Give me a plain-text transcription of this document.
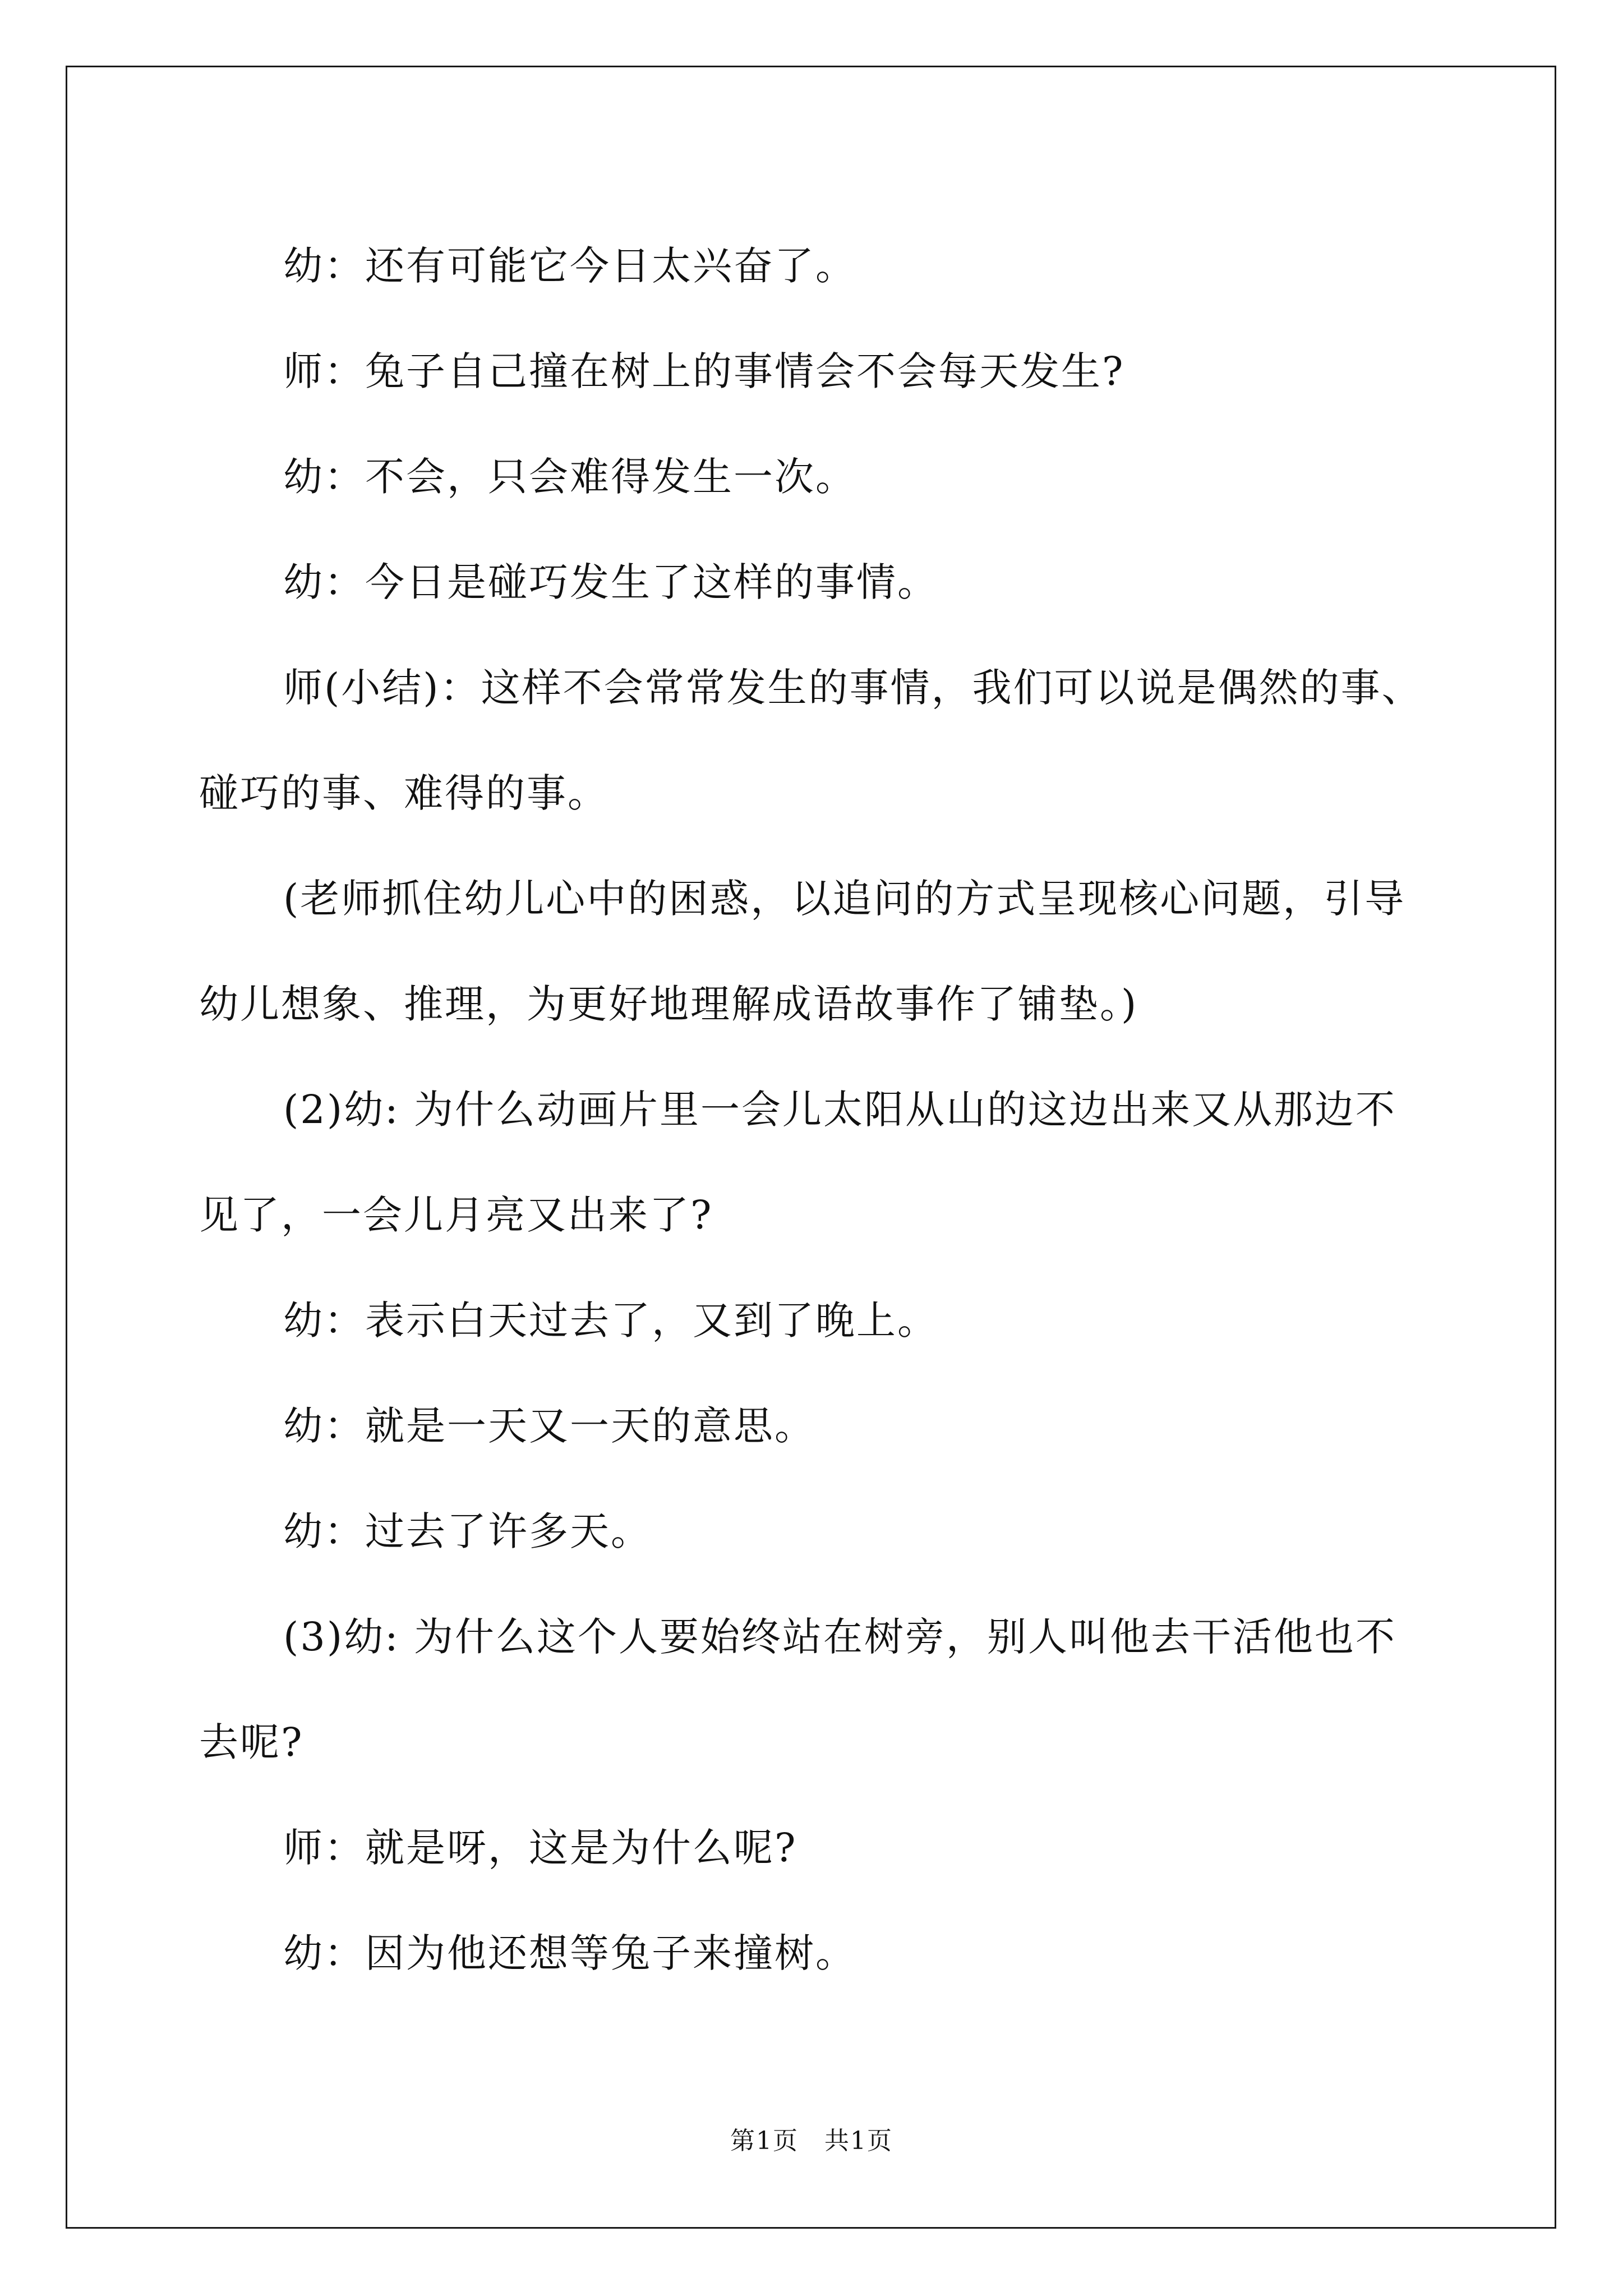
幼：还有可能它今日太兴奋了。

师：兔子自己撞在树上的事情会不会每天发生?

幼：不会，只会难得发生一次。

幼：今日是碰巧发生了这样的事情。

师(小结)：这样不会常常发生的事情，我们可以说是偶然的事、碰巧的事、难得的事。

(老师抓住幼儿心中的困惑，以追问的方式呈现核心问题，引导幼儿想象、推理，为更好地理解成语故事作了铺垫。)

(2)幼: 为什么动画片里一会儿太阳从山的这边出来又从那边不见了，一会儿月亮又出来了?

幼：表示白天过去了，又到了晚上。

幼：就是一天又一天的意思。

幼：过去了许多天。

(3)幼: 为什么这个人要始终站在树旁，别人叫他去干活他也不去呢?

师：就是呀，这是为什么呢?

幼：因为他还想等兔子来撞树。

第1页　共1页
